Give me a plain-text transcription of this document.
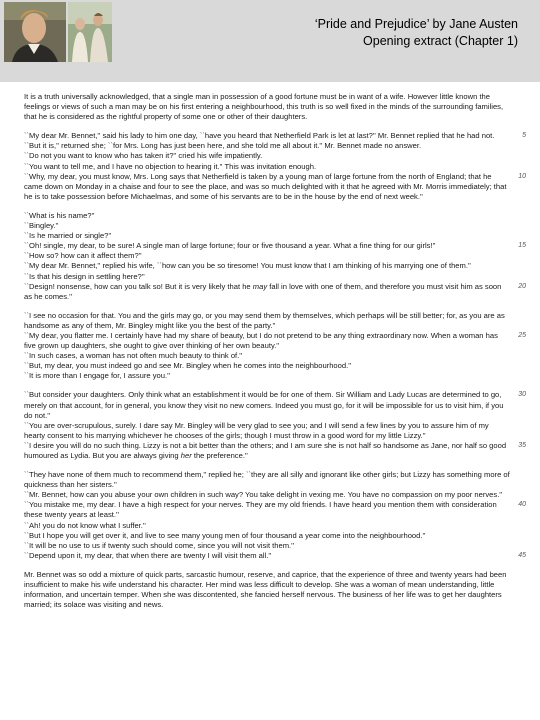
‘Pride and Prejudice’ by Jane Austen
Opening extract (Chapter 1)
It is a truth universally acknowledged, that a single man in possession of a good fortune must be in want of a wife. However little known the feelings or views of such a man may be on his first entering a neighbourhood, this truth is so well fixed in the minds of the surrounding families, that he is considered as the rightful property of some one or other of their daughters.
``My dear Mr. Bennet,'' said his lady to him one day, ``have you heard that Netherfield Park is let at last?'' Mr. Bennet replied that he had not.	5
``But it is,'' returned she; ``for Mrs. Long has just been here, and she told me all about it.'' Mr. Bennet made no answer.
``Do not you want to know who has taken it?'' cried his wife impatiently.
``You want to tell me, and I have no objection to hearing it.'' This was invitation enough.
``Why, my dear, you must know, Mrs. Long says that Netherfield is taken by a young man of large fortune from the north of England; that he came down on Monday in a chaise and four to see the place, and was so much delighted with it that he agreed with Mr. Morris immediately; that he is to take possession before Michaelmas, and some of his servants are to be in the house by the end of next week.''
10
``What is his name?''
``Bingley.''
``Is he married or single?''
``Oh! single, my dear, to be sure! A single man of large fortune; four or five thousand a year. What a fine thing for our girls!''	15
``How so? how can it affect them?''
``My dear Mr. Bennet,'' replied his wife, ``how can you be so tiresome! You must know that I am thinking of his marrying one of them.''
``Is that his design in settling here?''
``Design! nonsense, how can you talk so! But it is very likely that he may fall in love with one of them, and therefore you must visit him as soon as he comes.''
20
``I see no occasion for that. You and the girls may go, or you may send them by themselves, which perhaps will be still better; for, as you are as handsome as any of them, Mr. Bingley might like you the best of the party.''
``My dear, you flatter me. I certainly have had my share of beauty, but I do not pretend to be any thing extraordinary now. When a woman has five grown up daughters, she ought to give over thinking of her own beauty.''
25
``In such cases, a woman has not often much beauty to think of.''
``But, my dear, you must indeed go and see Mr. Bingley when he comes into the neighbourhood.''
``It is more than I engage for, I assure you.''
``But consider your daughters. Only think what an establishment it would be for one of them. Sir William and Lady Lucas are determined to go, merely on that account, for in general, you know they visit no new comers. Indeed you must go, for it will be impossible for us to visit him, if you do not.''
30
``You are over-scrupulous, surely. I dare say Mr. Bingley will be very glad to see you; and I will send a few lines by you to assure him of my hearty consent to his marrying whichever he chooses of the girls; though I must throw in a good word for my little Lizzy.''
``I desire you will do no such thing. Lizzy is not a bit better than the others; and I am sure she is not half so handsome as Jane, nor half so good humoured as Lydia. But you are always giving her the preference.''
35
``They have none of them much to recommend them,'' replied he; ``they are all silly and ignorant like other girls; but Lizzy has something more of quickness than her sisters.''
``Mr. Bennet, how can you abuse your own children in such way? You take delight in vexing me. You have no compassion on my poor nerves.''
``You mistake me, my dear. I have a high respect for your nerves. They are my old friends. I have heard you mention them with consideration these twenty years at least.''
40
``Ah! you do not know what I suffer.''
``But I hope you will get over it, and live to see many young men of four thousand a year come into the neighbourhood.''
``It will be no use to us if twenty such should come, since you will not visit them.''
``Depend upon it, my dear, that when there are twenty I will visit them all.''	45
Mr. Bennet was so odd a mixture of quick parts, sarcastic humour, reserve, and caprice, that the experience of three and twenty years had been insufficient to make his wife understand his character. Her mind was less difficult to develop. She was a woman of mean understanding, little information, and uncertain temper. When she was discontented, she fancied herself nervous. The business of her life was to get her daughters married; its solace was visiting and news.
